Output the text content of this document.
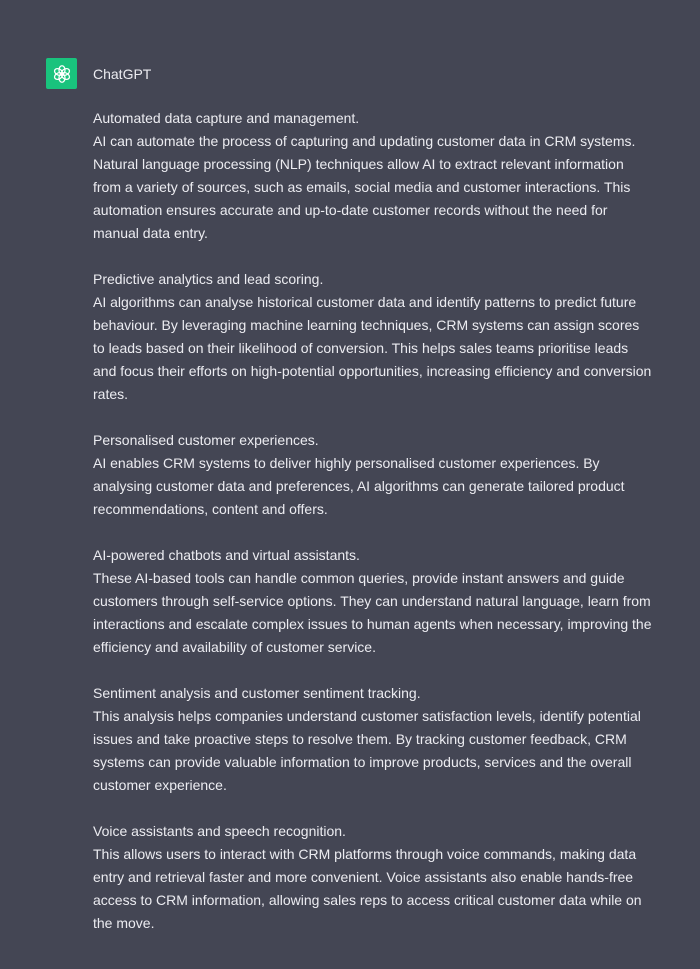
ChatGPT

Automated data capture and management.

AI can automate the process of capturing and updating customer data in CRM systems. Natural language processing (NLP) techniques allow AI to extract relevant information from a variety of sources, such as emails, social media and customer interactions. This automation ensures accurate and up-to-date customer records without the need for manual data entry.

Predictive analytics and lead scoring.

AI algorithms can analyse historical customer data and identify patterns to predict future behaviour. By leveraging machine learning techniques, CRM systems can assign scores to leads based on their likelihood of conversion. This helps sales teams prioritise leads and focus their efforts on high-potential opportunities, increasing efficiency and conversion rates.

Personalised customer experiences.

AI enables CRM systems to deliver highly personalised customer experiences. By analysing customer data and preferences, AI algorithms can generate tailored product recommendations, content and offers.

AI-powered chatbots and virtual assistants.

These AI-based tools can handle common queries, provide instant answers and guide customers through self-service options. They can understand natural language, learn from interactions and escalate complex issues to human agents when necessary, improving the efficiency and availability of customer service.

Sentiment analysis and customer sentiment tracking.

This analysis helps companies understand customer satisfaction levels, identify potential issues and take proactive steps to resolve them. By tracking customer feedback, CRM systems can provide valuable information to improve products, services and the overall customer experience.

Voice assistants and speech recognition.

This allows users to interact with CRM platforms through voice commands, making data entry and retrieval faster and more convenient. Voice assistants also enable hands-free access to CRM information, allowing sales reps to access critical customer data while on the move.
